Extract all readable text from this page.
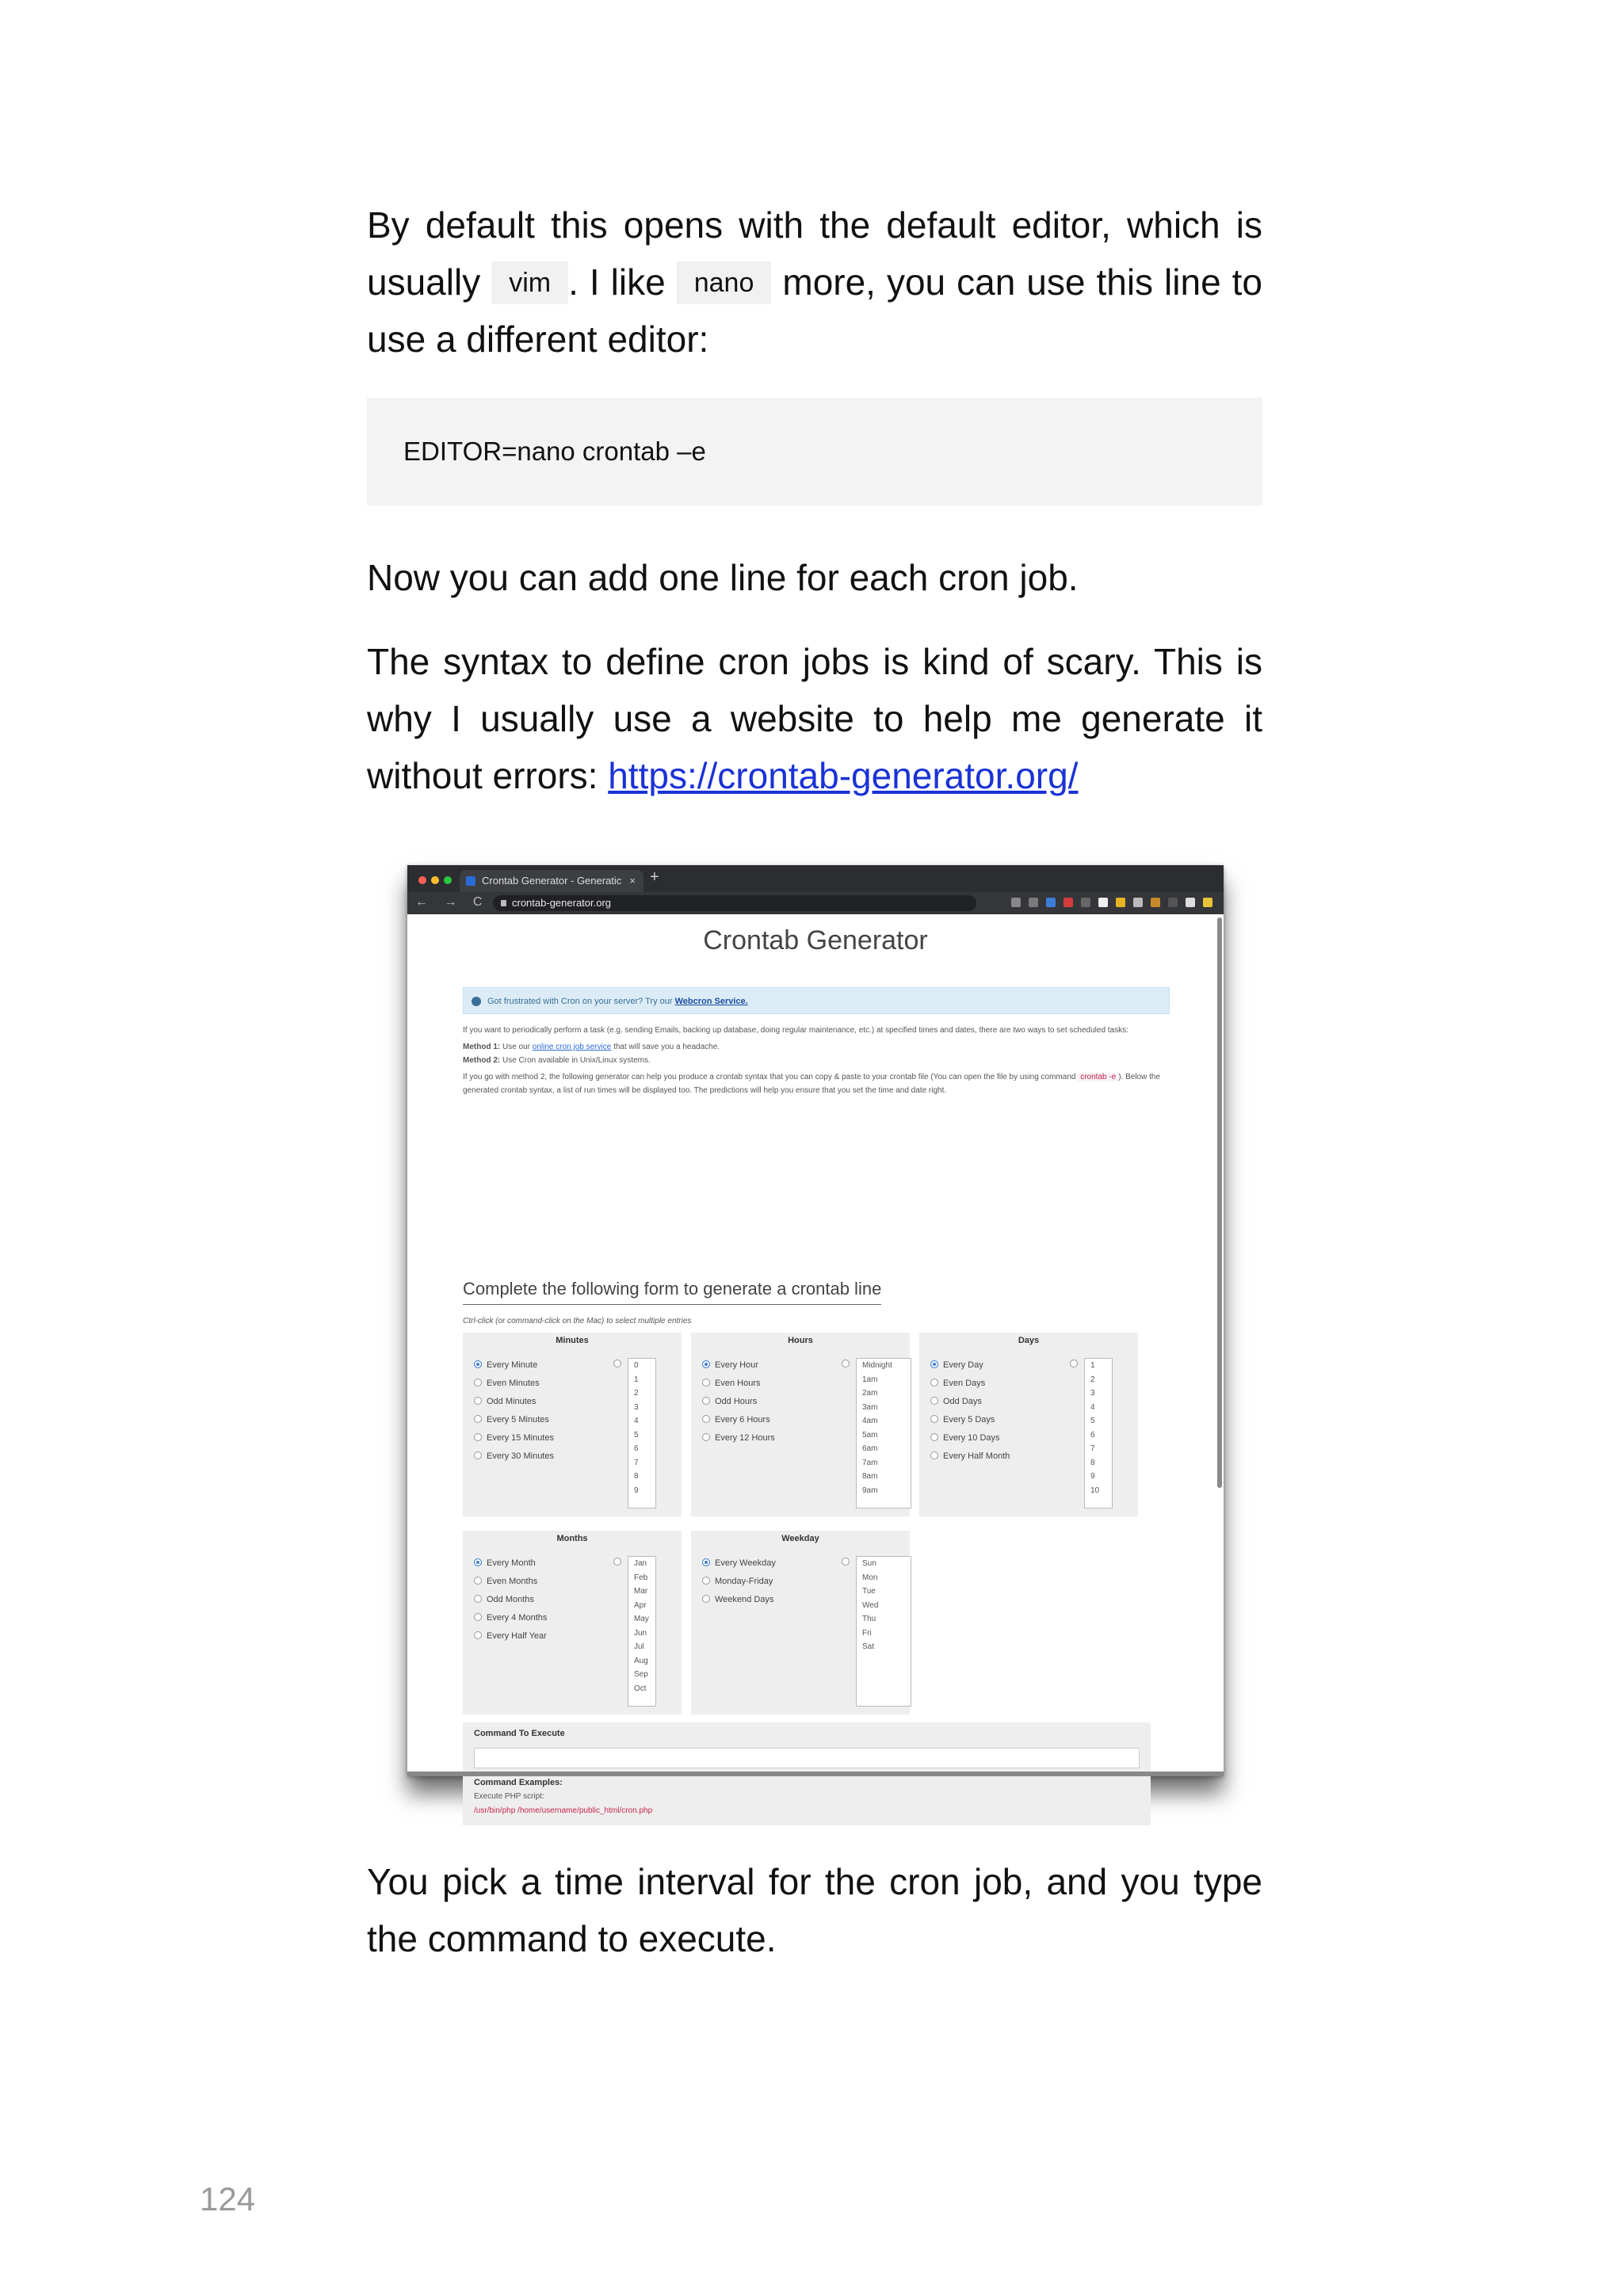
By default this opens with the default editor, which is usually vim . I like nano more, you can use this line to use a different editor:

EDITOR=nano crontab –e

Now you can add one line for each cron job.

The syntax to define cron jobs is kind of scary. This is why I usually use a website to help me generate it without errors: https://crontab-generator.org/

Crontab Generator - Generatic × +
← → C	crontab-generator.org
Crontab Generator
Got frustrated with Cron on your server? Try our Webcron Service.

If you want to periodically perform a task (e.g. sending Emails, backing up database, doing regular maintenance, etc.) at specified times and dates, there are two ways to set scheduled tasks:

Method 1: Use our online cron job service that will save you a headache.

Method 2: Use Cron available in Unix/Linux systems.

If you go with method 2, the following generator can help you produce a crontab syntax that you can copy & paste to your crontab file (You can open the file by using command crontab -e ). Below the generated crontab syntax, a list of run times will be displayed too. The predictions will help you ensure that you set the time and date right.

Complete the following form to generate a crontab line
Ctrl-click (or command-click on the Mac) to select multiple entries
Minutes
Every Minute
Even Minutes
Odd Minutes
Every 5 Minutes
Every 15 Minutes
Every 30 Minutes
0
1
2
3
4
5
6
7
8
9
Hours
Every Hour
Even Hours
Odd Hours
Every 6 Hours
Every 12 Hours
Midnight
1am
2am
3am
4am
5am
6am
7am
8am
9am
Days
Every Day
Even Days
Odd Days
Every 5 Days
Every 10 Days
Every Half Month
1
2
3
4
5
6
7
8
9
10
Months
Every Month
Even Months
Odd Months
Every 4 Months
Every Half Year
Jan
Feb
Mar
Apr
May
Jun
Jul
Aug
Sep
Oct
Weekday
Every Weekday
Monday-Friday
Weekend Days
Sun
Mon
Tue
Wed
Thu
Fri
Sat
Command To Execute
Command Examples:
Execute PHP script:
/usr/bin/php /home/username/public_html/cron.php

You pick a time interval for the cron job, and you type the command to execute.

124
